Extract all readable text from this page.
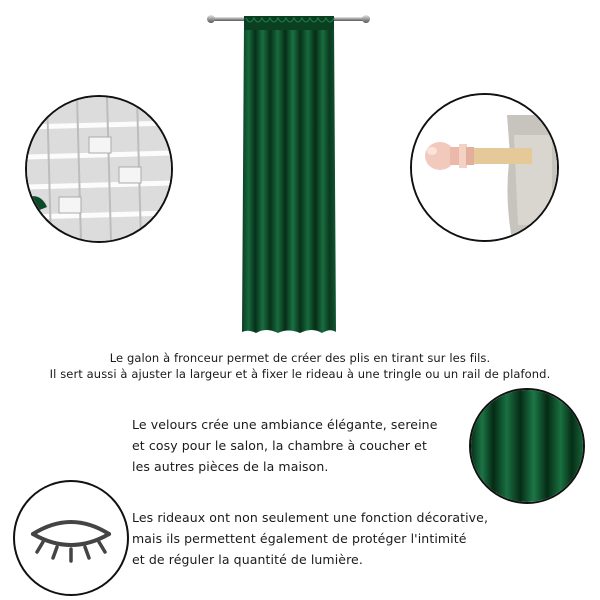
Le galon à fronceur permet de créer des plis en tirant sur les fils.
Il sert aussi à ajuster la largeur et à fixer le rideau à une tringle ou un rail de plafond.
Le velours crée une ambiance élégante, sereine
et cosy pour le salon, la chambre à coucher et
les autres pièces de la maison.
Les rideaux ont non seulement une fonction décorative,
mais ils permettent également de protéger l'intimité
et de réguler la quantité de lumière.
